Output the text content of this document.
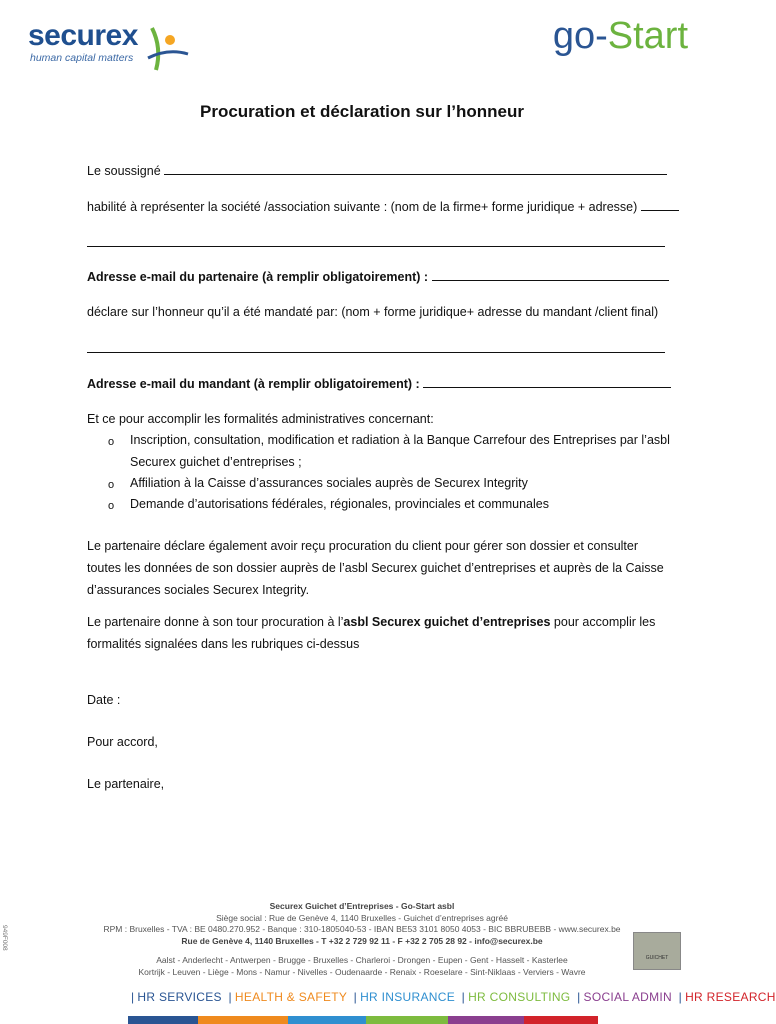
securex
human capital matters
go-Start
Procuration et déclaration sur l’honneur
Le soussigné
habilité à représenter la société /association suivante : (nom de la firme+ forme juridique + adresse)
Adresse e-mail du partenaire (à remplir obligatoirement) :
déclare sur l’honneur qu’il a été mandaté par: (nom + forme juridique+ adresse du mandant /client final)
Adresse e-mail du mandant (à remplir obligatoirement) :
Et ce pour accomplir les formalités administratives concernant:
o Inscription, consultation, modification et radiation à la Banque Carrefour des Entreprises par l’asbl
Securex guichet d’entreprises ;
o Affiliation à la Caisse d’assurances sociales auprès de Securex Integrity
o Demande d’autorisations fédérales, régionales, provinciales et communales
Le partenaire déclare également avoir reçu procuration du client pour gérer son dossier et consulter toutes les données de son dossier auprès de l’asbl Securex guichet d’entreprises et auprès de la Caisse d’assurances sociales Securex Integrity.
Le partenaire donne à son tour procuration à l’asbl Securex guichet d’entreprises pour accomplir les formalités signalées dans les rubriques ci-dessus
Date :
Pour accord,
Le partenaire,
949F008
Securex Guichet d’Entreprises - Go-Start asbl
Siège social : Rue de Genève 4, 1140 Bruxelles - Guichet d’entreprises agréé
RPM : Bruxelles - TVA : BE 0480.270.952 - Banque : 310-1805040-53 - IBAN BE53 3101 8050 4053 - BIC BBRUBEBB - www.securex.be
Rue de Genève 4, 1140 Bruxelles - T +32 2 729 92 11 - F +32 2 705 28 92 - info@securex.be
Aalst - Anderlecht - Antwerpen - Brugge - Bruxelles - Charleroi - Drongen - Eupen - Gent - Hasselt - Kasterlee
Kortrijk - Leuven - Liège - Mons - Namur - Nivelles - Oudenaarde - Renaix - Roeselare - Sint-Niklaas - Verviers - Wavre
GUICHET
| HR SERVICES | HEALTH & SAFETY | HR INSURANCE | HR CONSULTING | SOCIAL ADMIN | HR RESEARCH
